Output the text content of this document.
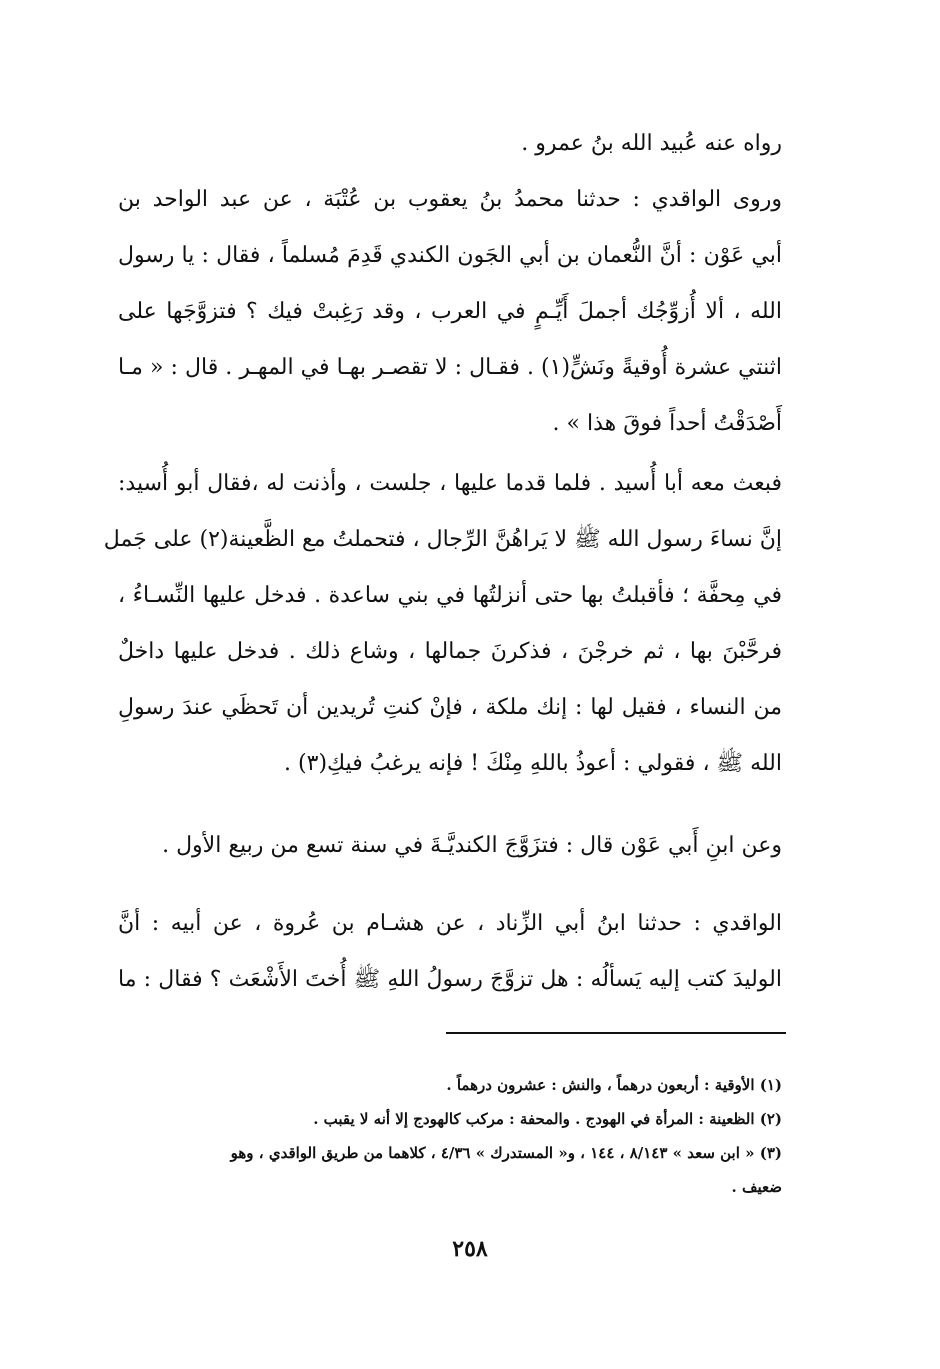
رواه عنه عُبيد الله بنُ عمرو .
وروى الواقدي : حدثنا محمدُ بنُ يعقوب بن عُتْبَة ، عن عبد الواحد بن
أبي عَوْن : أنَّ النُّعمان بن أبي الجَون الكندي قَدِمَ مُسلماً ، فقال : يا رسول
الله ، ألا أُزوِّجُك أجملَ أَيِّـمٍ في العرب ، وقد رَغِبتْ فيك ؟ فتزوَّجَها على
اثنتي عشرة أُوقيةً ونَشٍّ(١) . فقـال : لا تقصـر بهـا في المهـر . قال : « مـا
أَصْدَقْتُ أحداً فوقَ هذا » .
فبعث معه أبا أُسيد . فلما قدما عليها ، جلست ، وأذنت له ،فقال أبو أُسيد:
إنَّ نساءَ رسول الله ﷺ لا يَراهُنَّ الرِّجال ، فتحملتُ مع الظَّعينة(٢) على جَمل
في مِحفَّة ؛ فأقبلتُ بها حتى أنزلتُها في بني ساعدة . فدخل عليها النِّسـاءُ ،
فرحَّبْنَ بها ، ثم خرجْنَ ، فذكرنَ جمالها ، وشاع ذلك . فدخل عليها داخلٌ
من النساء ، فقيل لها : إنك ملكة ، فإنْ كنتِ تُريدين أن تَحظَي عندَ رسولِ
الله ﷺ ، فقولي : أعوذُ باللهِ مِنْكَ ! فإنه يرغبُ فيكِ(٣) .
وعن ابنِ أَبي عَوْن قال : فتزَوَّجَ الكنديَّـةَ في سنة تسع من ربيع الأول .
الواقدي : حدثنا ابنُ أبي الزِّناد ، عن هشـام بن عُروة ، عن أبيه : أنَّ
الوليدَ كتب إليه يَسألُه : هل تزوَّجَ رسولُ اللهِ ﷺ أُختَ الأَشْعَث ؟ فقال : ما
(١) الأوقية : أربعون درهماً ، والنش : عشرون درهماً .
(٢) الظعينة : المرأة في الهودج . والمحفة : مركب كالهودج إلا أنه لا يقبب .
(٣) « ابن سعد » ٨/١٤٣ ، ١٤٤ ، و« المستدرك » ٤/٣٦ ، كلاهما من طريق الواقدي ، وهو
ضعيف .
٢٥٨
